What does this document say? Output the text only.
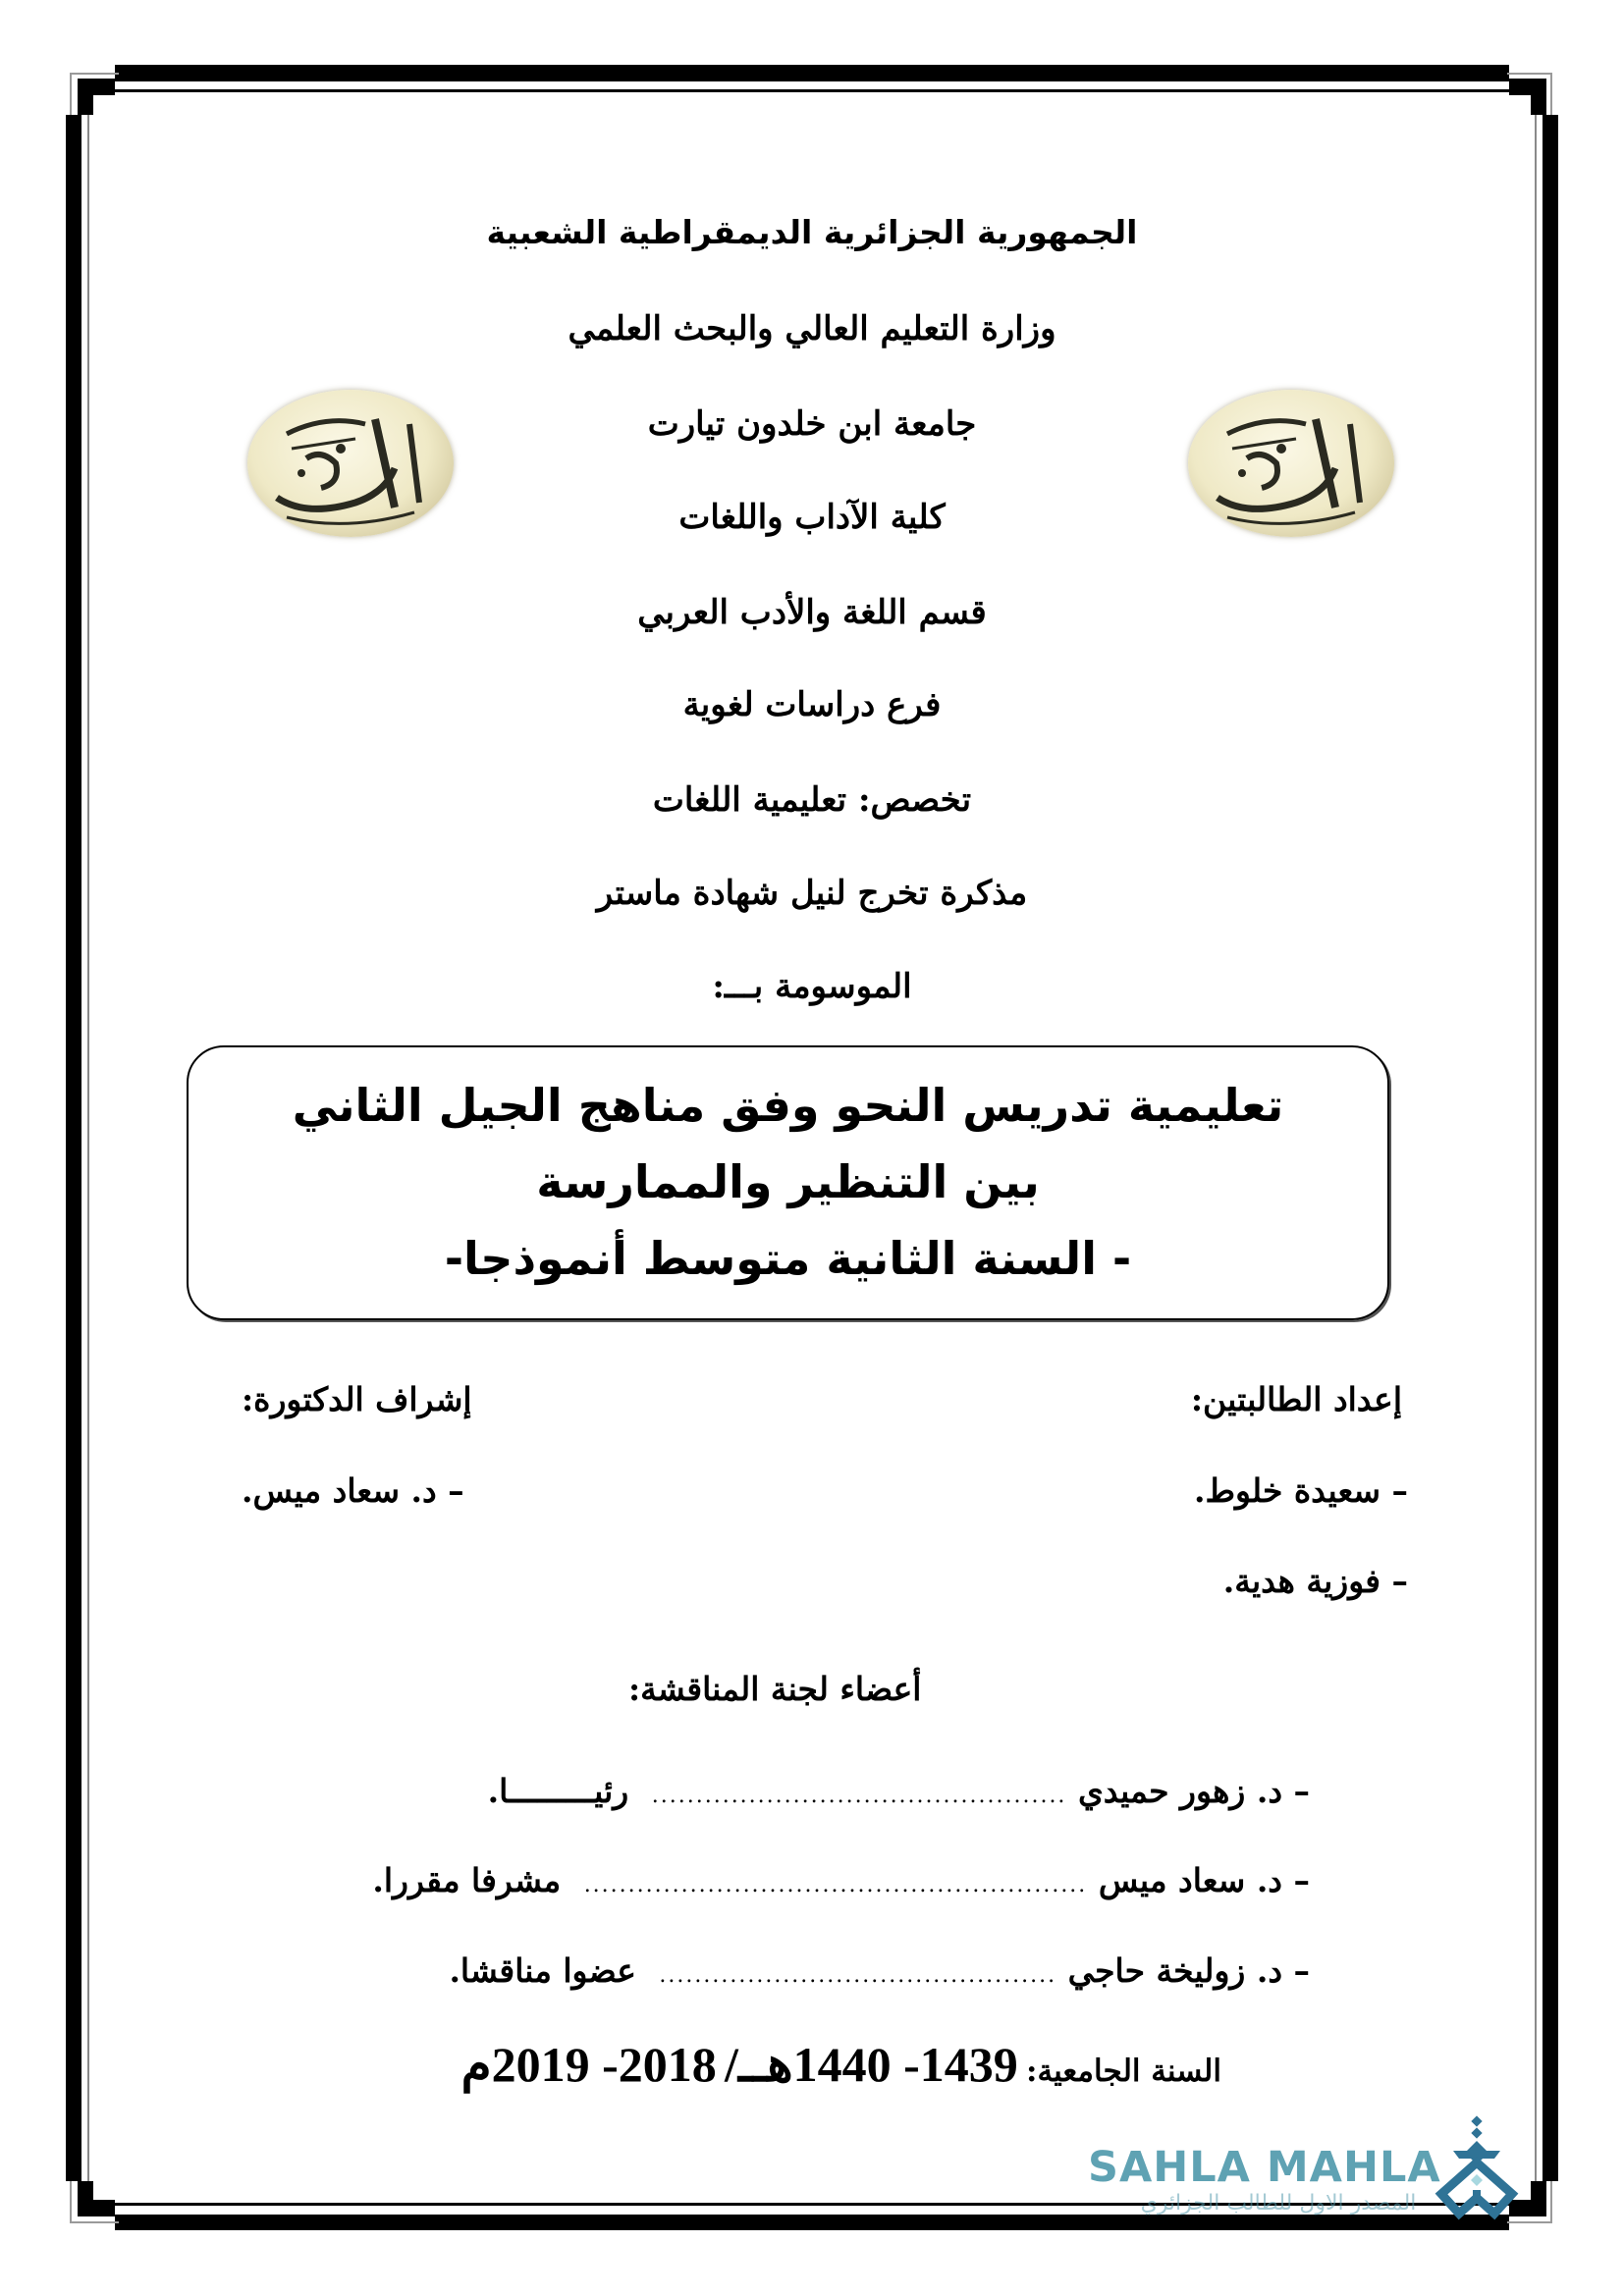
الجمهورية الجزائرية الديمقراطية الشعبية
وزارة التعليم العالي والبحث العلمي
جامعة ابن خلدون تيارت
كلية الآداب واللغات
قسم اللغة والأدب العربي
فرع دراسات لغوية
تخصص: تعليمية اللغات
مذكرة تخرج لنيل شهادة ماستر
الموسومة بـــ:
تعليمية تدريس النحو وفق مناهج الجيل الثاني
بين التنظير والممارسة
- السنة الثانية متوسط أنموذجا-
إعداد الطالبتين:
– سعيدة خلوط.
– فوزية هدية.
إشراف الدكتورة:
– د. سعاد ميس.
أعضاء لجنة المناقشة:
– د. زهور حميدي ............................................... رئيـــــــــا.
– د. سعاد ميس ......................................................... مشرفا مقررا.
– د. زوليخة حاجي ............................................. عضوا مناقشا.
السنة الجامعية: 1439- 1440هــ/ 2018- 2019م
SAHLA MAHLA
المصدر الاول للطالب الجزائري
